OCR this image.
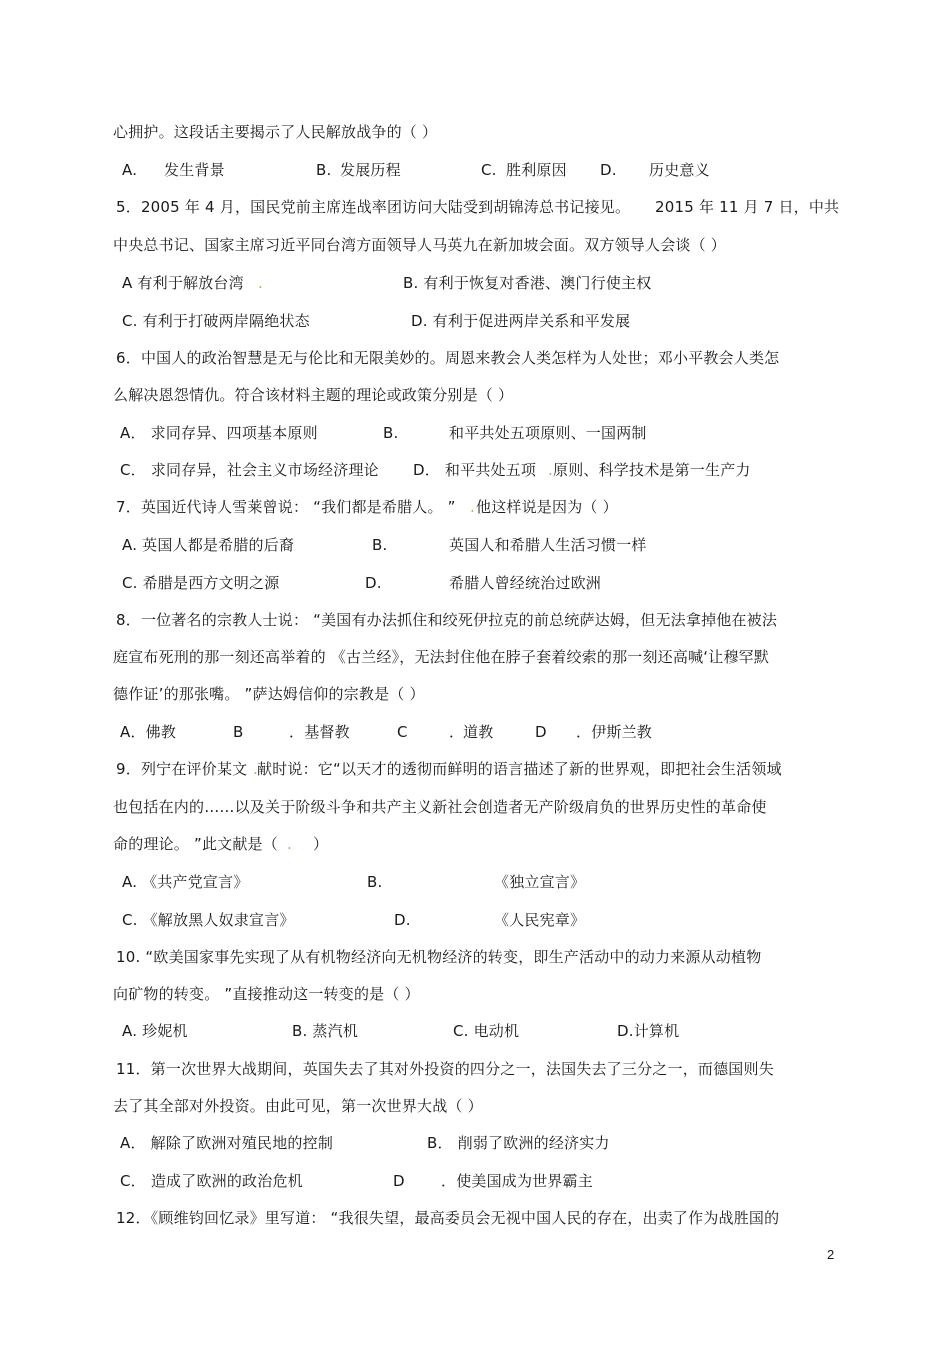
心拥护。这段话主要揭示了人民解放战争的（ ）
A. 发生背景	B. 发展历程	C. 胜利原因 D. 历史意义
5．2005 年 4 月，国民党前主席连战率团访问大陆受到胡锦涛总书记接见。 2015 年 11 月 7 日，中共
中央总书记、国家主席习近平同台湾方面领导人马英九在新加坡会面。双方领导人会谈（ ）
A 有利于解放台湾 .	B. 有利于恢复对香港、澳门行使主权
C. 有利于打破两岸隔绝状态	D. 有利于促进两岸关系和平发展
6．中国人的政治智慧是无与伦比和无限美妙的。周恩来教会人类怎样为人处世；邓小平教会人类怎
么解决恩怨情仇。符合该材料主题的理论或政策分别是（ ）
A． 求同存异、四项基本原则	B.	和平共处五项原则、一国两制
C． 求同存异，社会主义市场经济理论 D． 和平共处五项 . 原则、科学技术是第一生产力
7．英国近代诗人雪莱曾说： “我们都是希腊人。 ” . 他这样说是因为（ ）
A. 英国人都是希腊的后裔	B.	英国人和希腊人生活习惯一样
C. 希腊是西方文明之源	D.	希腊人曾经统治过欧洲
8．一位著名的宗教人士说： “美国有办法抓住和绞死伊拉克的前总统萨达姆，但无法拿掉他在被法
庭宣布死刑的那一刻还高举着的 《古兰经》，无法封住他在脖子套着绞索的那一刻还高喊‘让穆罕默
德作证’的那张嘴。 ”萨达姆信仰的宗教是（ ）
A．佛教	B	．基督教	C	．
道教	D ．伊斯兰教
9．列宁在评价某文 . 献时说：它“以天才的透彻而鲜明的语言描述了新的世界观，即把社会生活领域
也包括在内的……以及关于阶级斗争和共产主义新社会创造者无产阶级肩负的世界历史性的革命使
命的理论。 ”此文献是（ . ）
A. 《共产党宣言》	B.	《独立宣言》
C. 《解放黑人奴隶宣言》	D.	《人民宪章》
10. “欧美国家事先实现了从有机物经济向无机物经济的转变，即生产活动中的动力来源从动植物
向矿物的转变。 ”直接推动这一转变的是（ ）
A. 珍妮机	B. 蒸汽机	C. 电动机	D.计算机
11．第一次世界大战期间，英国失去了其对外投资的四分之一，法国失去了三分之一，而德国则失
去了其全部对外投资。由此可见，第一次世界大战（ ）
A． 解除了欧洲对殖民地的控制	B． 削弱了欧洲的经济实力
C． 造成了欧洲的政治危机	D ．使美国成为世界霸主
12．《顾维钧回忆录》里写道： “我很失望，最高委员会无视中国人民的存在，出卖了作为战胜国的
2
